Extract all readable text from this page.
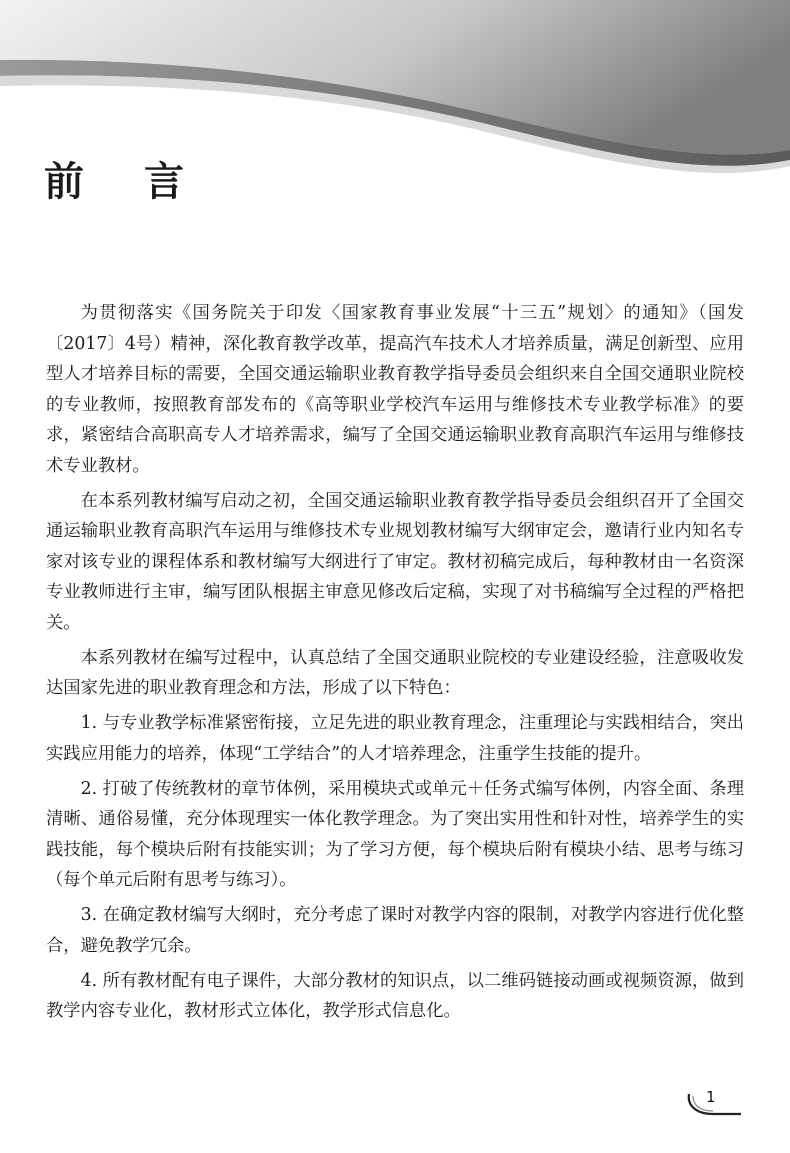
前 言

为贯彻落实《国务院关于印发〈国家教育事业发展“十三五”规划〉的通知》（国发〔2017〕4号）精神，深化教育教学改革，提高汽车技术人才培养质量，满足创新型、应用型人才培养目标的需要，全国交通运输职业教育教学指导委员会组织来自全国交通职业院校的专业教师，按照教育部发布的《高等职业学校汽车运用与维修技术专业教学标准》的要求，紧密结合高职高专人才培养需求，编写了全国交通运输职业教育高职汽车运用与维修技术专业教材。

在本系列教材编写启动之初，全国交通运输职业教育教学指导委员会组织召开了全国交通运输职业教育高职汽车运用与维修技术专业规划教材编写大纲审定会，邀请行业内知名专家对该专业的课程体系和教材编写大纲进行了审定。教材初稿完成后，每种教材由一名资深专业教师进行主审，编写团队根据主审意见修改后定稿，实现了对书稿编写全过程的严格把关。

本系列教材在编写过程中，认真总结了全国交通职业院校的专业建设经验，注意吸收发达国家先进的职业教育理念和方法，形成了以下特色：

1. 与专业教学标准紧密衔接，立足先进的职业教育理念，注重理论与实践相结合，突出实践应用能力的培养，体现“工学结合”的人才培养理念，注重学生技能的提升。

2. 打破了传统教材的章节体例，采用模块式或单元＋任务式编写体例，内容全面、条理清晰、通俗易懂，充分体现理实一体化教学理念。为了突出实用性和针对性，培养学生的实践技能，每个模块后附有技能实训；为了学习方便，每个模块后附有模块小结、思考与练习（每个单元后附有思考与练习）。

3. 在确定教材编写大纲时，充分考虑了课时对教学内容的限制，对教学内容进行优化整合，避免教学冗余。

4. 所有教材配有电子课件，大部分教材的知识点，以二维码链接动画或视频资源，做到教学内容专业化，教材形式立体化，教学形式信息化。

1
